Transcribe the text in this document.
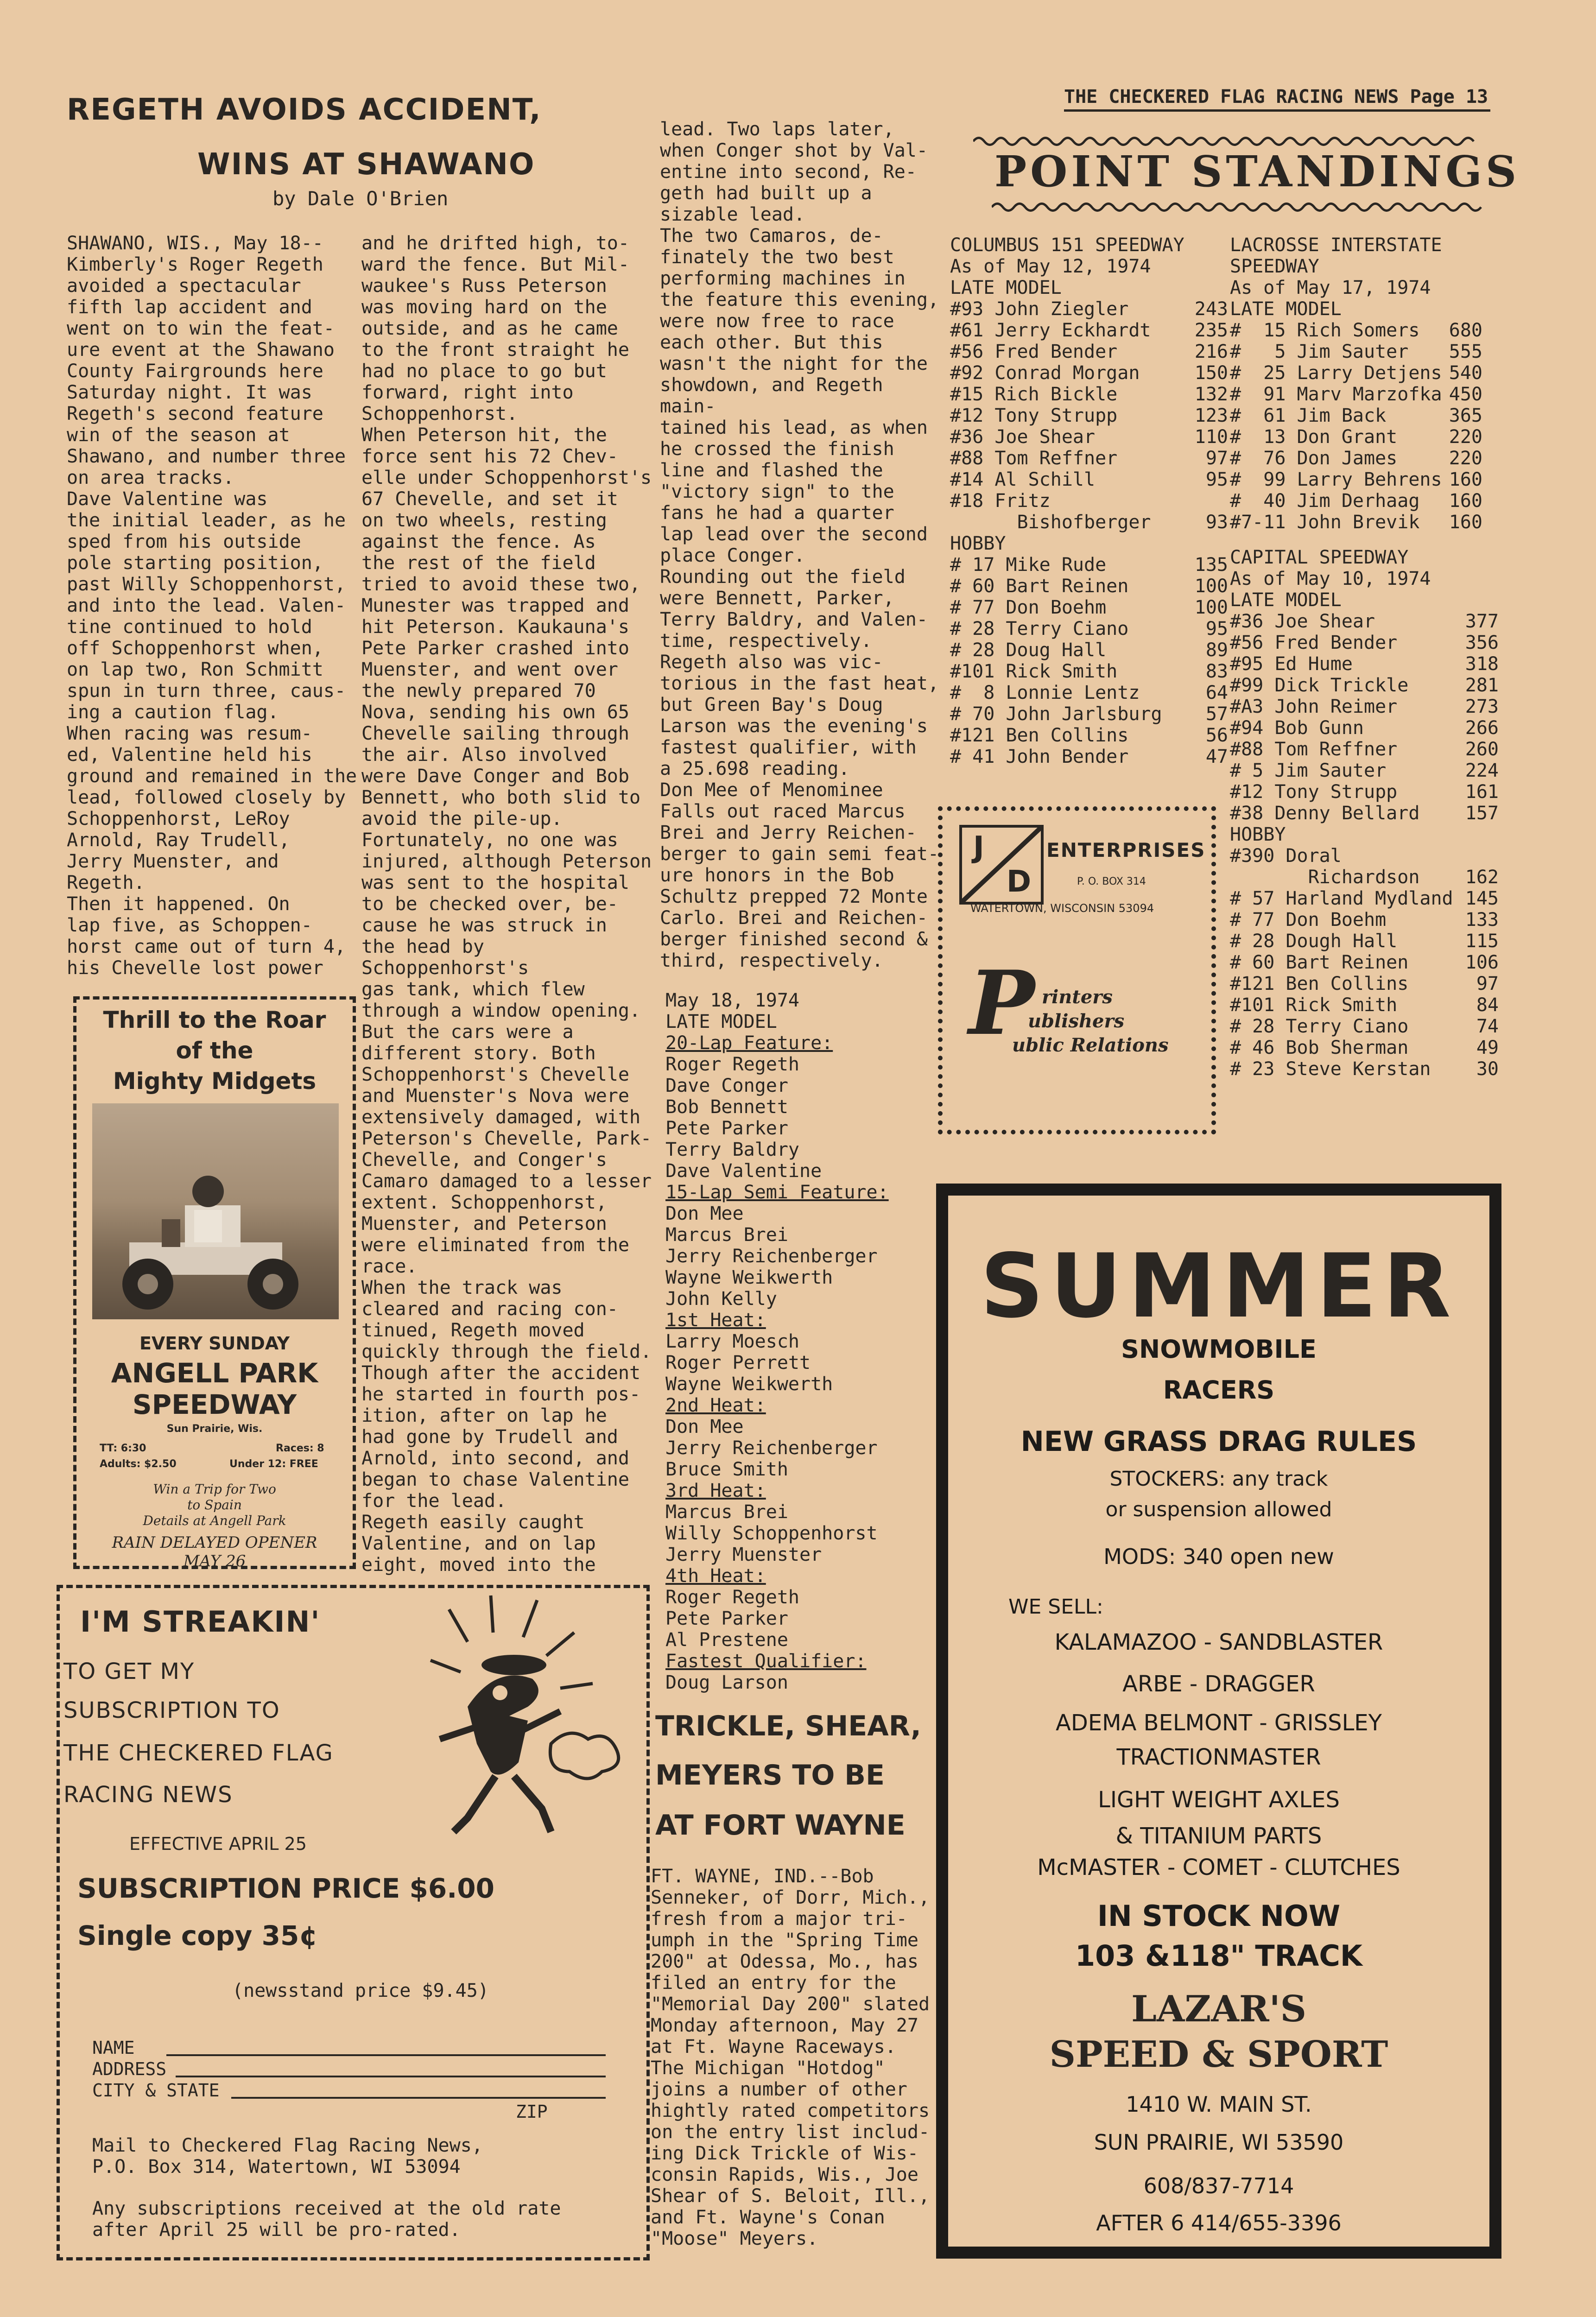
THE CHECKERED FLAG RACING NEWS Page 13
REGETH AVOIDS ACCIDENT,
WINS AT SHAWANO
by Dale O'Brien
SHAWANO, WIS., May 18--
Kimberly's Roger Regeth
avoided a spectacular
fifth lap accident and
went on to win the feat-
ure event at the Shawano
County Fairgrounds here
Saturday night. It was
Regeth's second feature
win of the season at
Shawano, and number three
on area tracks.
Dave Valentine was
the initial leader, as he
sped from his outside
pole starting position,
past Willy Schoppenhorst,
and into the lead. Valen-
tine continued to hold
off Schoppenhorst when,
on lap two, Ron Schmitt
spun in turn three, caus-
ing a caution flag.
When racing was resum-
ed, Valentine held his
ground and remained in the
lead, followed closely by
Schoppenhorst, LeRoy
Arnold, Ray Trudell,
Jerry Muenster, and
Regeth.
Then it happened. On
lap five, as Schoppen-
horst came out of turn 4,
his Chevelle lost power
and he drifted high, to-
ward the fence. But Mil-
waukee's Russ Peterson
was moving hard on the
outside, and as he came
to the front straight he
had no place to go but
forward, right into
Schoppenhorst.
When Peterson hit, the
force sent his 72 Chev-
elle under Schoppenhorst's
67 Chevelle, and set it
on two wheels, resting
against the fence. As
the rest of the field
tried to avoid these two,
Munester was trapped and
hit Peterson. Kaukauna's
Pete Parker crashed into
Muenster, and went over
the newly prepared 70
Nova, sending his own 65
Chevelle sailing through
the air. Also involved
were Dave Conger and Bob
Bennett, who both slid to
avoid the pile-up.
Fortunately, no one was
injured, although Peterson
was sent to the hospital
to be checked over, be-
cause he was struck in
the head by Schoppenhorst's
gas tank, which flew
through a window opening.
But the cars were a
different story. Both
Schoppenhorst's Chevelle
and Muenster's Nova were
extensively damaged, with
Peterson's Chevelle, Park-
Chevelle, and Conger's
Camaro damaged to a lesser
extent. Schoppenhorst,
Muenster, and Peterson
were eliminated from the
race.
When the track was
cleared and racing con-
tinued, Regeth moved
quickly through the field.
Though after the accident
he started in fourth pos-
ition, after on lap he
had gone by Trudell and
Arnold, into second, and
began to chase Valentine
for the lead.
Regeth easily caught
Valentine, and on lap
eight, moved into the
lead. Two laps later,
when Conger shot by Val-
entine into second, Re-
geth had built up a
sizable lead.
The two Camaros, de-
finately the two best
performing machines in
the feature this evening,
were now free to race
each other. But this
wasn't the night for the
showdown, and Regeth main-
tained his lead, as when
he crossed the finish
line and flashed the
"victory sign" to the
fans he had a quarter
lap lead over the second
place Conger.
Rounding out the field
were Bennett, Parker,
Terry Baldry, and Valen-
time, respectively.
Regeth also was vic-
torious in the fast heat,
but Green Bay's Doug
Larson was the evening's
fastest qualifier, with
a 25.698 reading.
Don Mee of Menominee
Falls out raced Marcus
Brei and Jerry Reichen-
berger to gain semi feat-
ure honors in the Bob
Schultz prepped 72 Monte
Carlo. Brei and Reichen-
berger finished second &
third, respectively.
May 18, 1974
LATE MODEL
20-Lap Feature:
Roger Regeth
Dave Conger
Bob Bennett
Pete Parker
Terry Baldry
Dave Valentine
15-Lap Semi Feature:
Don Mee
Marcus Brei
Jerry Reichenberger
Wayne Weikwerth
John Kelly
1st Heat:
Larry Moesch
Roger Perrett
Wayne Weikwerth
2nd Heat:
Don Mee
Jerry Reichenberger
Bruce Smith
3rd Heat:
Marcus Brei
Willy Schoppenhorst
Jerry Muenster
4th Heat:
Roger Regeth
Pete Parker
Al Prestene
Fastest Qualifier:
Doug Larson
TRICKLE, SHEAR,
MEYERS TO BE
AT FORT WAYNE
FT. WAYNE, IND.--Bob
Senneker, of Dorr, Mich.,
fresh from a major tri-
umph in the "Spring Time
200" at Odessa, Mo., has
filed an entry for the
"Memorial Day 200" slated
Monday afternoon, May 27
at Ft. Wayne Raceways.
The Michigan "Hotdog"
joins a number of other
hightly rated competitors
on the entry list includ-
ing Dick Trickle of Wis-
consin Rapids, Wis., Joe
Shear of S. Beloit, Ill.,
and Ft. Wayne's Conan
"Moose" Meyers.
POINT STANDINGS
COLUMBUS 151 SPEEDWAY
As of May 12, 1974
LATE MODEL
#93 John Ziegler	243
#61 Jerry Eckhardt	235
#56 Fred Bender	216
#92 Conrad Morgan	150
#15 Rich Bickle	132
#12 Tony Strupp	123
#36 Joe Shear	110
#88 Tom Reffner	97
#14 Al Schill	95
#18 Fritz	
Bishofberger	93
HOBBY
# 17 Mike Rude	135
# 60 Bart Reinen	100
# 77 Don Boehm	100
# 28 Terry Ciano	95
# 28 Doug Hall	89
#101 Rick Smith	83
#  8 Lonnie Lentz	64
# 70 John Jarlsburg	57
#121 Ben Collins	56
# 41 John Bender	47
LACROSSE INTERSTATE
SPEEDWAY
As of May 17, 1974
LATE MODEL
#  15 Rich Somers	680
#   5 Jim Sauter	555
#  25 Larry Detjens	540
#  91 Marv Marzofka	450
#  61 Jim Back	365
#  13 Don Grant	220
#  76 Don James	220
#  99 Larry Behrens	160
#  40 Jim Derhaag	160
#7-11 John Brevik	160
CAPITAL SPEEDWAY
As of May 10, 1974
LATE MODEL
#36 Joe Shear	377
#56 Fred Bender	356
#95 Ed Hume	318
#99 Dick Trickle	281
#A3 John Reimer	273
#94 Bob Gunn	266
#88 Tom Reffner	260
# 5 Jim Sauter	224
#12 Tony Strupp	161
#38 Denny Bellard	157
HOBBY
#390 Doral	
Richardson	162
# 57 Harland Mydland	145
# 77 Don Boehm	133
# 28 Dough Hall	115
# 60 Bart Reinen	106
#121 Ben Collins	97
#101 Rick Smith	84
# 28 Terry Ciano	74
# 46 Bob Sherman	49
# 23 Steve Kerstan	30
J
D
ENTERPRISES
P. O. BOX 314
WATERTOWN, WISCONSIN 53094
P rinters
ublishers
ublic Relations
Thrill to the Roar
of the
Mighty Midgets
EVERY SUNDAY
ANGELL PARK
SPEEDWAY
Sun Prairie, Wis.
TT: 6:30	Races: 8
Adults: $2.50	Under 12: FREE
Win a Trip for Two
to Spain
Details at Angell Park
RAIN DELAYED OPENER
MAY 26
I'M STREAKIN'
TO GET MY
SUBSCRIPTION TO
THE CHECKERED FLAG
RACING NEWS
EFFECTIVE APRIL 25
SUBSCRIPTION PRICE $6.00
Single copy 35¢
(newsstand price $9.45)
NAME
ADDRESS
CITY & STATE
ZIP
Mail to Checkered Flag Racing News,
P.O. Box 314, Watertown, WI 53094
Any subscriptions received at the old rate
after April 25 will be pro-rated.
SUMMER
SNOWMOBILE
RACERS
NEW GRASS DRAG RULES
STOCKERS: any track
or suspension allowed
MODS: 340 open new
WE SELL:
KALAMAZOO - SANDBLASTER
ARBE - DRAGGER
ADEMA BELMONT - GRISSLEY
TRACTIONMASTER
LIGHT WEIGHT AXLES
& TITANIUM PARTS
McMASTER - COMET - CLUTCHES
IN STOCK NOW
103 &118" TRACK
LAZAR'S
SPEED & SPORT
1410 W. MAIN ST.
SUN PRAIRIE, WI 53590
608/837-7714
AFTER 6 414/655-3396
